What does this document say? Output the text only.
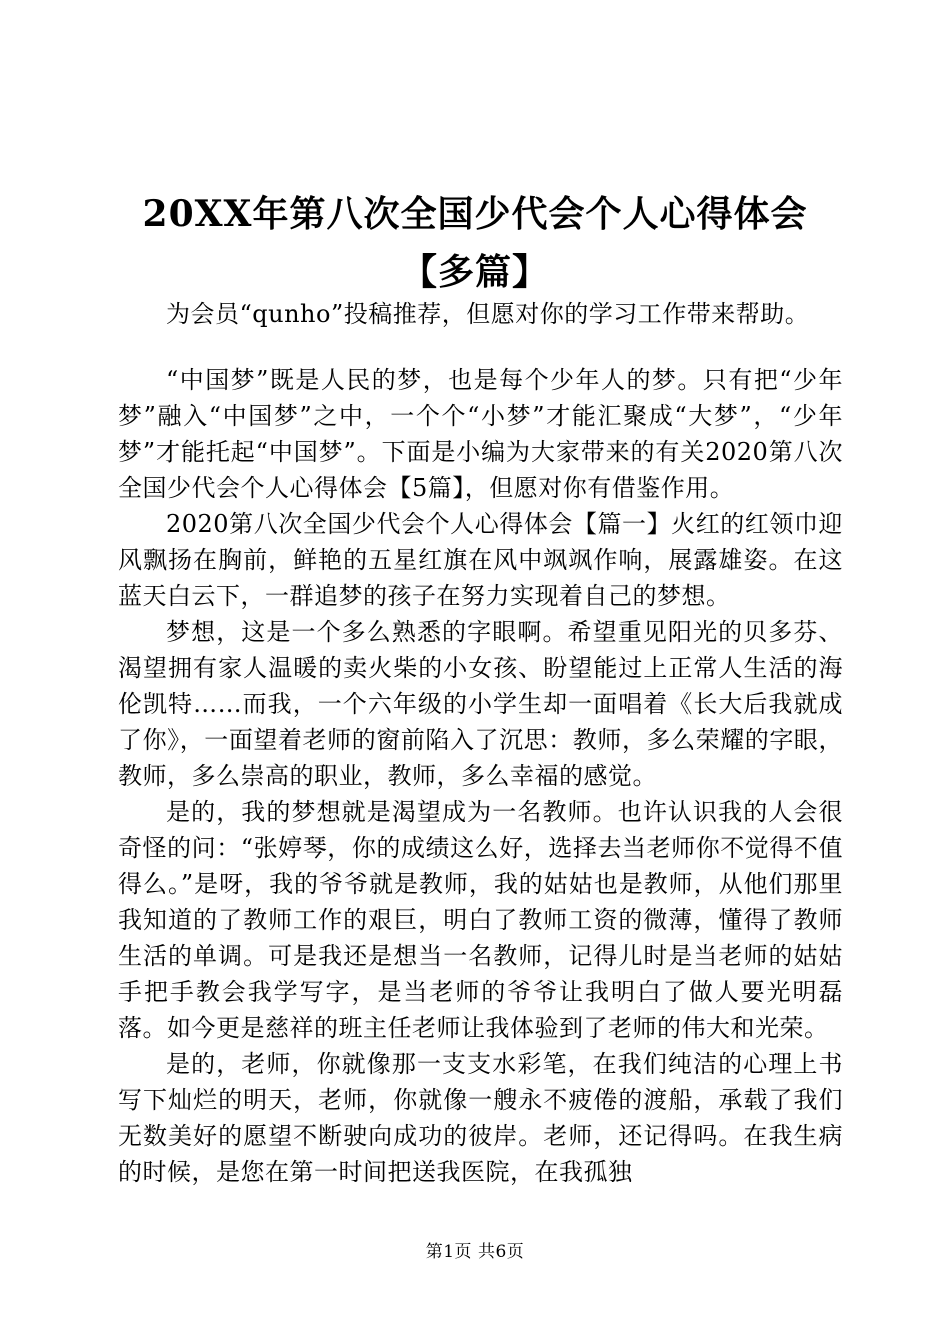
20XX年第八次全国少代会个人心得体会【多篇】

为会员“qunho”投稿推荐，但愿对你的学习工作带来帮助。

“中国梦”既是人民的梦，也是每个少年人的梦。只有把“少年梦”融入“中国梦”之中，一个个“小梦”才能汇聚成“大梦”，“少年梦”才能托起“中国梦”。下面是小编为大家带来的有关2020第八次全国少代会个人心得体会【5篇】，但愿对你有借鉴作用。

2020第八次全国少代会个人心得体会【篇一】火红的红领巾迎风飘扬在胸前，鲜艳的五星红旗在风中飒飒作响，展露雄姿。在这蓝天白云下，一群追梦的孩子在努力实现着自己的梦想。

梦想，这是一个多么熟悉的字眼啊。希望重见阳光的贝多芬、渴望拥有家人温暖的卖火柴的小女孩、盼望能过上正常人生活的海伦凯特……而我，一个六年级的小学生却一面唱着《长大后我就成了你》，一面望着老师的窗前陷入了沉思：教师，多么荣耀的字眼，教师，多么崇高的职业，教师，多么幸福的感觉。

是的，我的梦想就是渴望成为一名教师。也许认识我的人会很奇怪的问：“张婷琴，你的成绩这么好，选择去当老师你不觉得不值得么。”是呀，我的爷爷就是教师，我的姑姑也是教师，从他们那里我知道的了教师工作的艰巨，明白了教师工资的微薄，懂得了教师生活的单调。可是我还是想当一名教师，记得儿时是当老师的姑姑手把手教会我学写字，是当老师的爷爷让我明白了做人要光明磊落。如今更是慈祥的班主任老师让我体验到了老师的伟大和光荣。

是的，老师，你就像那一支支水彩笔，在我们纯洁的心理上书写下灿烂的明天，老师，你就像一艘永不疲倦的渡船，承载了我们无数美好的愿望不断驶向成功的彼岸。老师，还记得吗。在我生病的时候，是您在第一时间把送我医院，在我孤独

第1页 共6页
